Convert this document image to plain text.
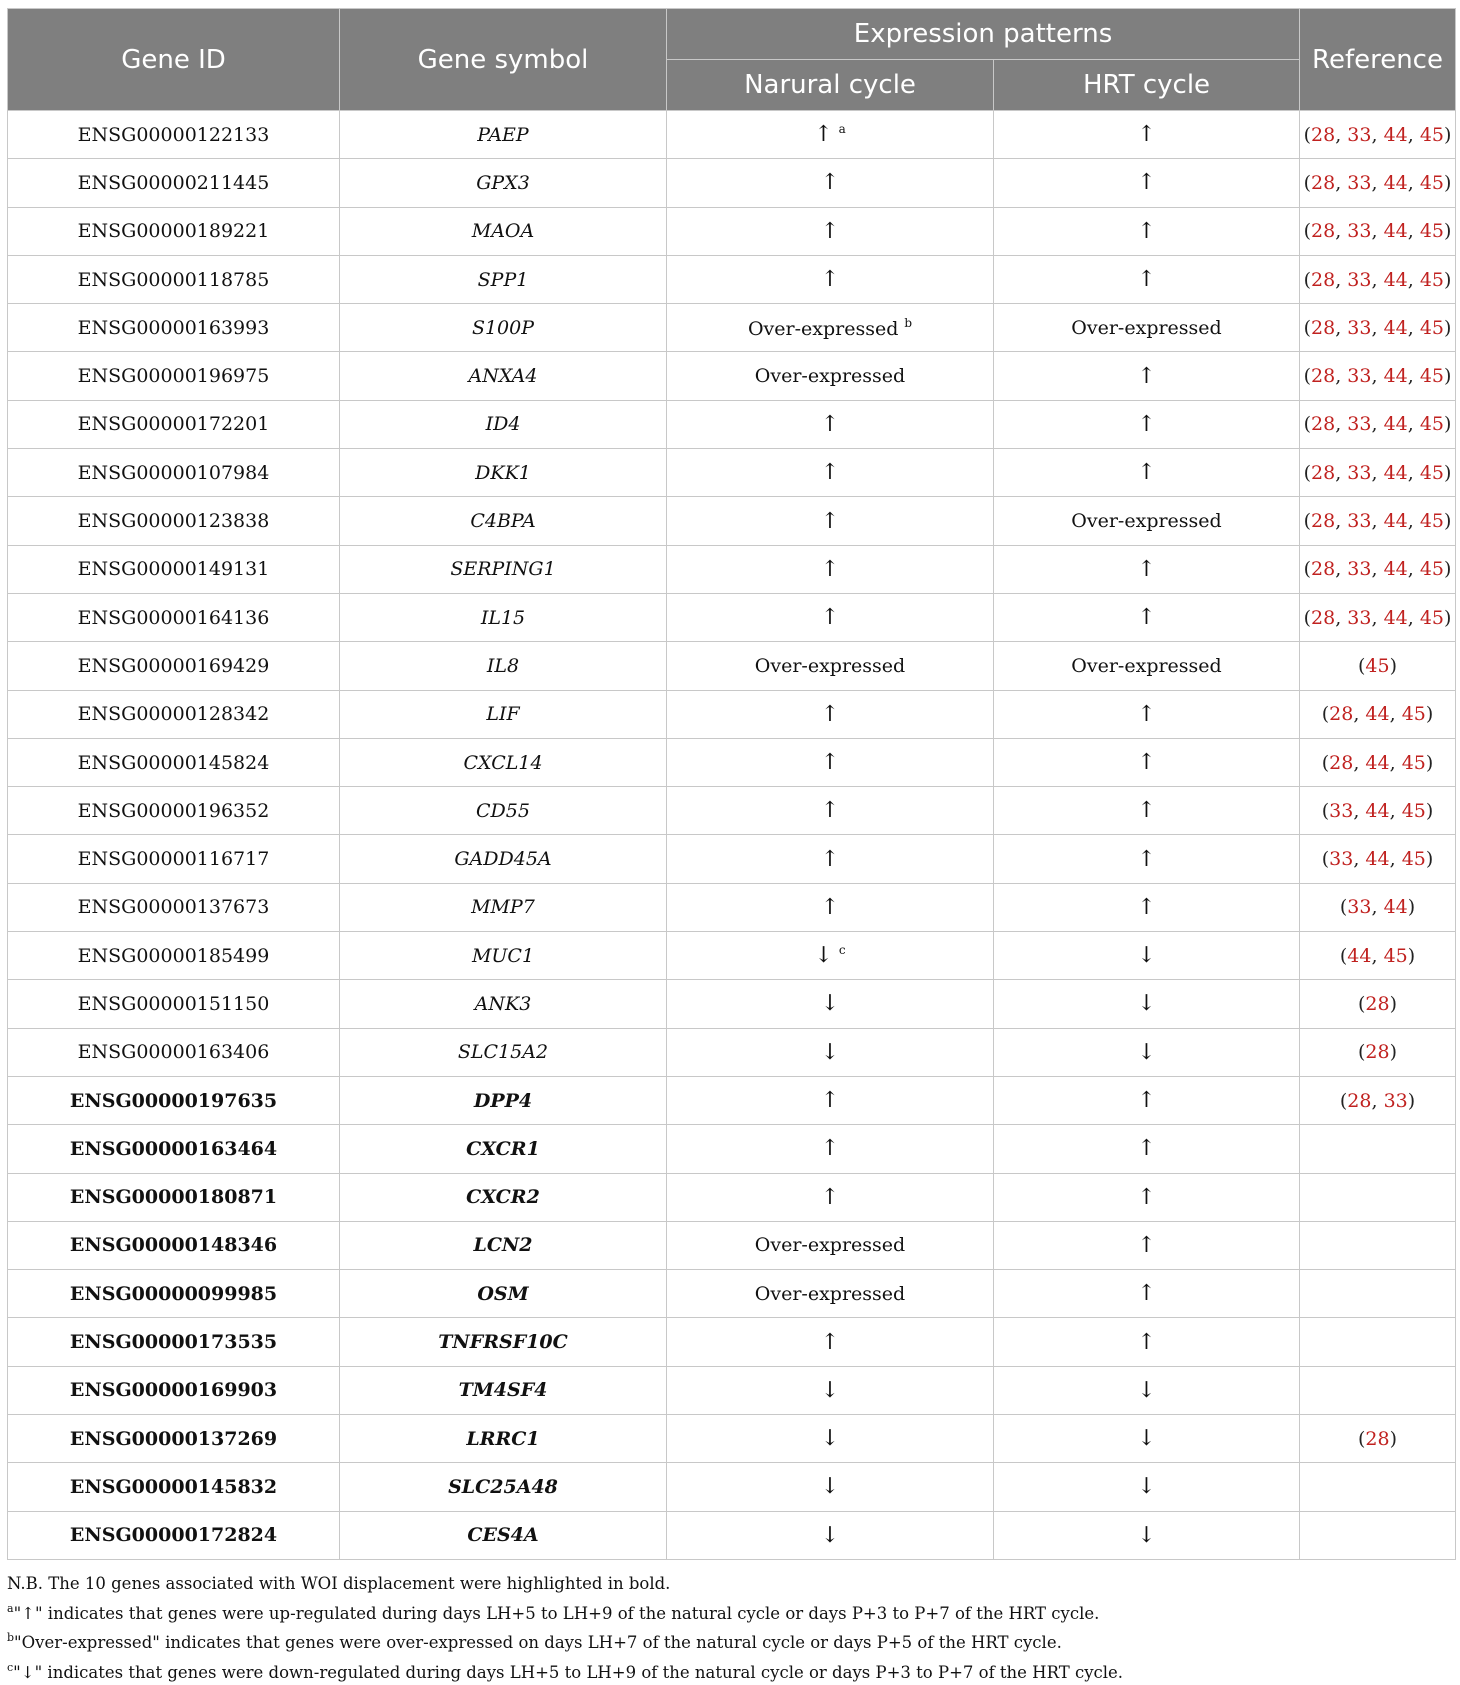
Gene ID	Gene symbol	Expression patterns		Reference
		Narural cycle	HRT cycle	
ENSG00000122133	PAEP	↑ $^a$	↑	(28, 33, 44, 45)
ENSG00000211445	GPX3	↑	↑	(28, 33, 44, 45)
ENSG00000189221	MAOA	↑	↑	(28, 33, 44, 45)
ENSG00000118785	SPP1	↑	↑	(28, 33, 44, 45)
ENSG00000163993	S100P	Over-expressed $^b$	Over-expressed	(28, 33, 44, 45)
ENSG00000196975	ANXA4	Over-expressed	↑	(28, 33, 44, 45)
ENSG00000172201	ID4	↑	↑	(28, 33, 44, 45)
ENSG00000107984	DKK1	↑	↑	(28, 33, 44, 45)
ENSG00000123838	C4BPA	↑	Over-expressed	(28, 33, 44, 45)
ENSG00000149131	SERPING1	↑	↑	(28, 33, 44, 45)
ENSG00000164136	IL15	↑	↑	(28, 33, 44, 45)
ENSG00000169429	IL8	Over-expressed	Over-expressed	(45)
ENSG00000128342	LIF	↑	↑	(28, 44, 45)
ENSG00000145824	CXCL14	↑	↑	(28, 44, 45)
ENSG00000196352	CD55	↑	↑	(33, 44, 45)
ENSG00000116717	GADD45A	↑	↑	(33, 44, 45)
ENSG00000137673	MMP7	↑	↑	(33, 44)
ENSG00000185499	MUC1	↓ $^c$	↓	(44, 45)
ENSG00000151150	ANK3	↓	↓	(28)
ENSG00000163406	SLC15A2	↓	↓	(28)
ENSG00000197635	DPP4	↑	↑	(28, 33)
ENSG00000163464	CXCR1	↑	↑	
ENSG00000180871	CXCR2	↑	↑	
ENSG00000148346	LCN2	Over-expressed	↑	
ENSG00000099985	OSM	Over-expressed	↑	
ENSG00000173535	TNFRSF10C	↑	↑	
ENSG00000169903	TM4SF4	↓	↓	
ENSG00000137269	LRRC1	↓	↓	(28)
ENSG00000145832	SLC25A48	↓	↓	
ENSG00000172824	CES4A	↓	↓	
N.B. The 10 genes associated with WOI displacement were highlighted in bold.
$^a$"↑" indicates that genes were up-regulated during days LH+5 to LH+9 of the natural cycle or days P+3 to P+7 of the HRT cycle.
$^b$"Over-expressed" indicates that genes were over-expressed on days LH+7 of the natural cycle or days P+5 of the HRT cycle.
$^c$"↓" indicates that genes were down-regulated during days LH+5 to LH+9 of the natural cycle or days P+3 to P+7 of the HRT cycle.
